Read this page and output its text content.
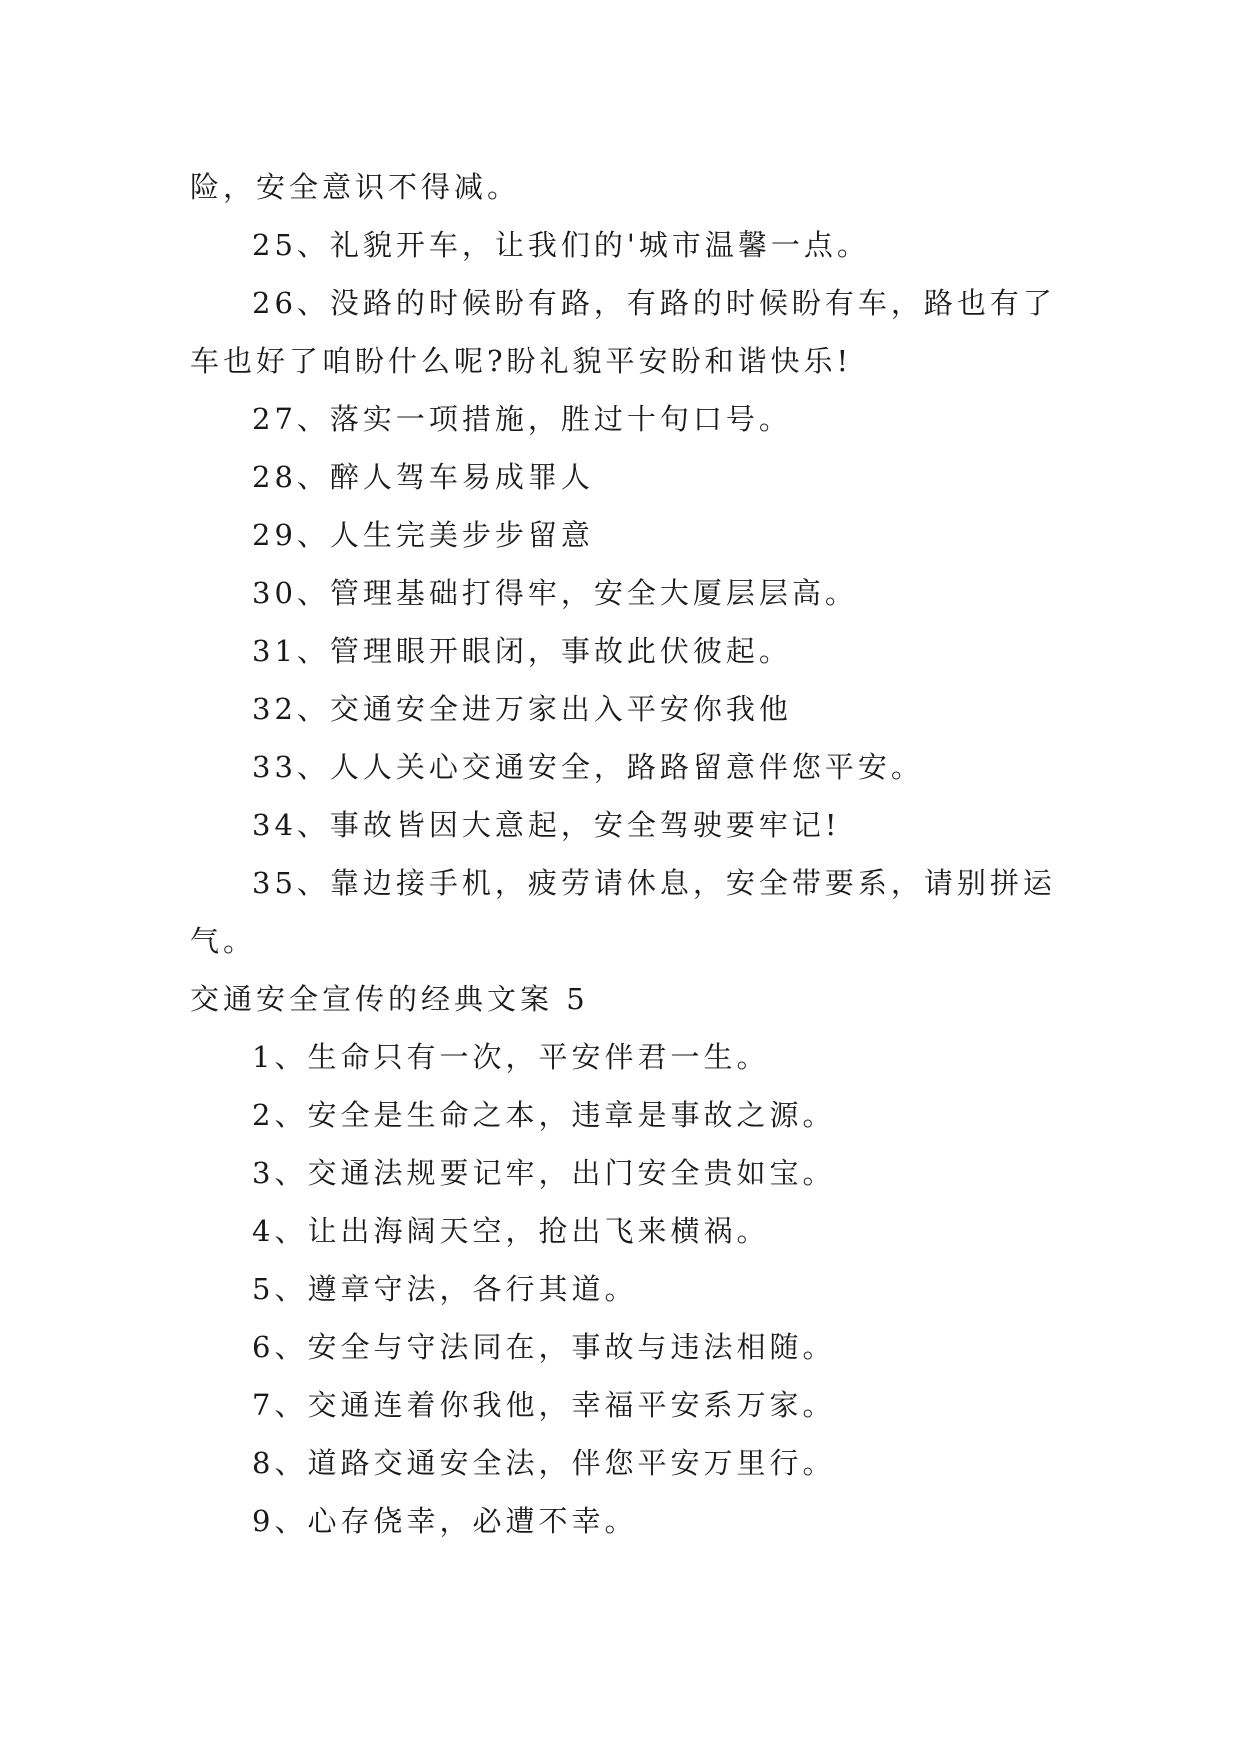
险，安全意识不得减。
25、礼貌开车，让我们的'城市温馨一点。
26、没路的时候盼有路，有路的时候盼有车，路也有了
车也好了咱盼什么呢?盼礼貌平安盼和谐快乐!
27、落实一项措施，胜过十句口号。
28、醉人驾车易成罪人
29、人生完美步步留意
30、管理基础打得牢，安全大厦层层高。
31、管理眼开眼闭，事故此伏彼起。
32、交通安全进万家出入平安你我他
33、人人关心交通安全，路路留意伴您平安。
34、事故皆因大意起，安全驾驶要牢记!
35、靠边接手机，疲劳请休息，安全带要系，请别拼运
气。
交通安全宣传的经典文案 5
1、生命只有一次，平安伴君一生。
2、安全是生命之本，违章是事故之源。
3、交通法规要记牢，出门安全贵如宝。
4、让出海阔天空，抢出飞来横祸。
5、遵章守法，各行其道。
6、安全与守法同在，事故与违法相随。
7、交通连着你我他，幸福平安系万家。
8、道路交通安全法，伴您平安万里行。
9、心存侥幸，必遭不幸。
